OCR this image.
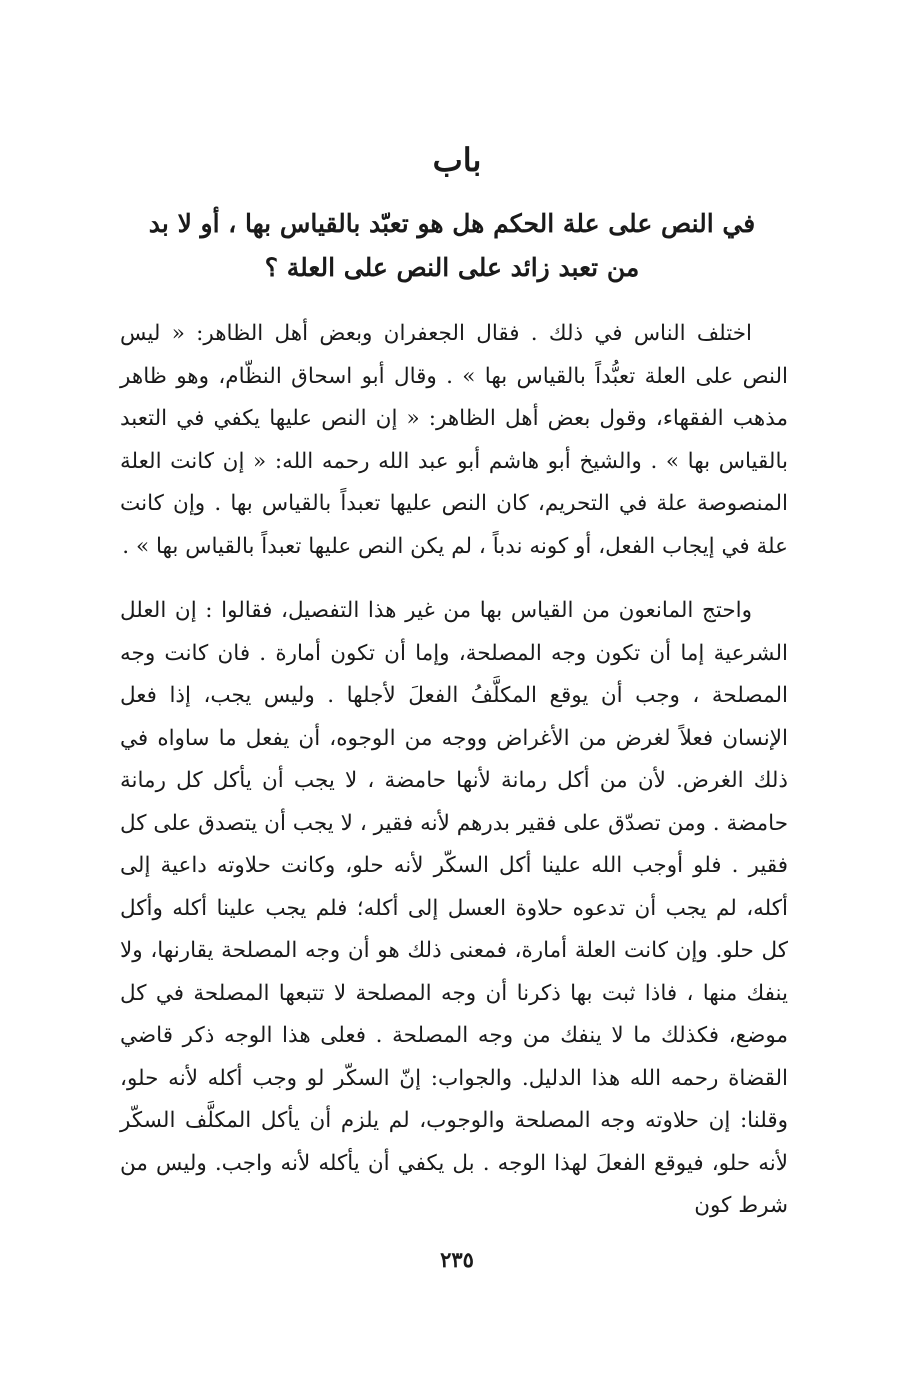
باب
في النص على علة الحكم هل هو تعبّد بالقياس بها ، أو لا بد من تعبد زائد على النص على العلة ؟

اختلف الناس في ذلك . فقال الجعفران وبعض أهل الظاهر: « ليس النص على العلة تعبُّداً بالقياس بها » . وقال أبو اسحاق النظّام، وهو ظاهر مذهب الفقهاء، وقول بعض أهل الظاهر: « إن النص عليها يكفي في التعبد بالقياس بها » . والشيخ أبو هاشم أبو عبد الله رحمه الله: « إن كانت العلة المنصوصة علة في التحريم، كان النص عليها تعبداً بالقياس بها . وإن كانت علة في إيجاب الفعل، أو كونه ندباً ، لم يكن النص عليها تعبداً بالقياس بها » .

واحتج المانعون من القياس بها من غير هذا التفصيل، فقالوا : إن العلل الشرعية إما أن تكون وجه المصلحة، وإما أن تكون أمارة . فان كانت وجه المصلحة ، وجب أن يوقع المكلَّفُ الفعلَ لأجلها . وليس يجب، إذا فعل الإنسان فعلاً لغرض من الأغراض ووجه من الوجوه، أن يفعل ما ساواه في ذلك الغرض. لأن من أكل رمانة لأنها حامضة ، لا يجب أن يأكل كل رمانة حامضة . ومن تصدّق على فقير بدرهم لأنه فقير ، لا يجب أن يتصدق على كل فقير . فلو أوجب الله علينا أكل السكّر لأنه حلو، وكانت حلاوته داعية إلى أكله، لم يجب أن تدعوه حلاوة العسل إلى أكله؛ فلم يجب علينا أكله وأكل كل حلو. وإن كانت العلة أمارة، فمعنى ذلك هو أن وجه المصلحة يقارنها، ولا ينفك منها ، فاذا ثبت بها ذكرنا أن وجه المصلحة لا تتبعها المصلحة في كل موضع، فكذلك ما لا ينفك من وجه المصلحة . فعلى هذا الوجه ذكر قاضي القضاة رحمه الله هذا الدليل. والجواب: إنّ السكّر لو وجب أكله لأنه حلو، وقلنا: إن حلاوته وجه المصلحة والوجوب، لم يلزم أن يأكل المكلَّف السكّر لأنه حلو، فيوقع الفعلَ لهذا الوجه . بل يكفي أن يأكله لأنه واجب. وليس من شرط كون

٢٣٥
